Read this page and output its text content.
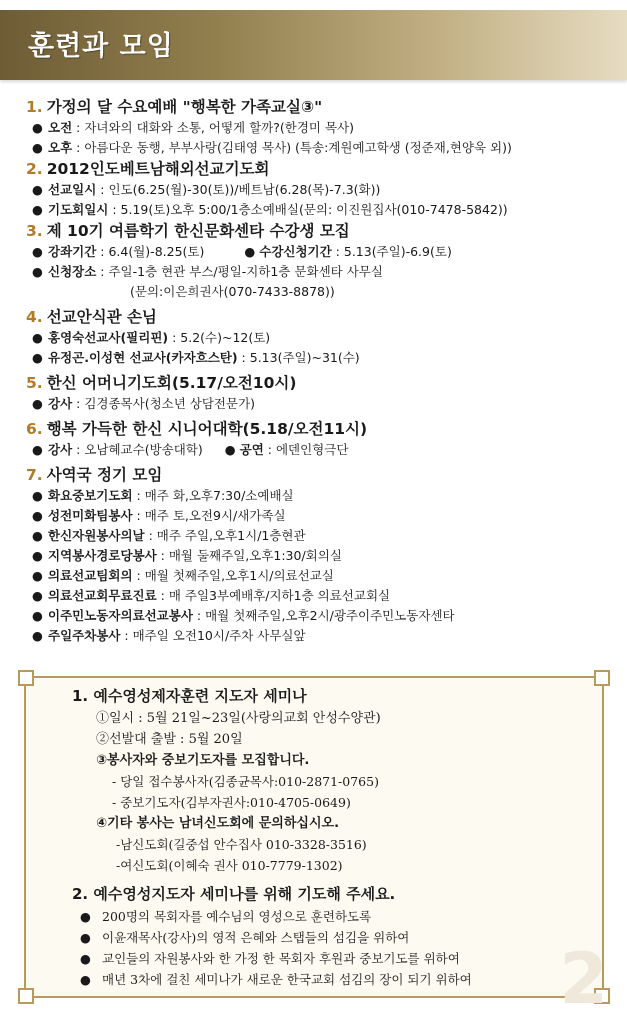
훈련과 모임
1. 가정의 달 수요예배 "행복한 가족교실③"
● 오전 : 자녀와의 대화와 소통, 어떻게 할까?(한경미 목사)
● 오후 : 아름다운 동행, 부부사랑(김태영 목사) (특송:계원예고학생 (정준재,현양욱 외))
2. 2012인도베트남해외선교기도회
● 선교일시 : 인도(6.25(월)-30(토))/베트남(6.28(목)-7.3(화))
● 기도회일시 : 5.19(토)오후 5:00/1층소예배실(문의: 이진원집사(010-7478-5842))
3. 제 10기 여름학기 한신문화센타 수강생 모집
● 강좌기간 : 6.4(월)-8.25(토)	● 수강신청기간 : 5.13(주일)-6.9(토)
● 신청장소 : 주일-1층 현관 부스/평일-지하1층 문화센타 사무실
(문의:이은희권사(070-7433-8878))
4. 선교안식관 손님
● 홍영숙선교사(필리핀) : 5.2(수)~12(토)
● 유정곤.이성현 선교사(카자흐스탄) : 5.13(주일)~31(수)
5. 한신 어머니기도회(5.17/오전10시)
● 강사 : 김경종목사(청소년 상담전문가)
6. 행복 가득한 한신 시니어대학(5.18/오전11시)
● 강사 : 오남혜교수(방송대학) ● 공연 : 에덴인형극단
7. 사역국 정기 모임
● 화요중보기도회 : 매주 화,오후7:30/소예배실
● 성전미화팀봉사 : 매주 토,오전9시/새가족실
● 한신자원봉사의날 : 매주 주일,오후1시/1층현관
● 지역봉사경로당봉사 : 매월 둘째주일,오후1:30/회의실
● 의료선교팀회의 : 매월 첫째주일,오후1시/의료선교실
● 의료선교회무료진료 : 매 주일3부예배후/지하1층 의료선교회실
● 이주민노동자의료선교봉사 : 매월 첫째주일,오후2시/광주이주민노동자센타
● 주일주차봉사 : 매주일 오전10시/주차 사무실앞
1. 예수영성제자훈련 지도자 세미나
①일시 : 5월 21일~23일(사랑의교회 안성수양관)
②선발대 출발 : 5월 20일
③봉사자와 중보기도자를 모집합니다.
- 당일 접수봉사자(김종균목사:010-2871-0765)
- 중보기도자(김부자권사:010-4705-0649)
④기타 봉사는 남녀신도회에 문의하십시오.
-남신도회(길중섭 안수집사 010-3328-3516)
-여신도회(이혜숙 권사 010-7779-1302)
2. 예수영성지도자 세미나를 위해 기도해 주세요.
● 200명의 목회자를 예수님의 영성으로 훈련하도록
● 이윤재목사(강사)의 영적 은혜와 스탭들의 섬김을 위하여
● 교인들의 자원봉사와 한 가정 한 목회자 후원과 중보기도를 위하여
● 매년 3차에 걸친 세미나가 새로운 한국교회 섬김의 장이 되기 위하여	2
